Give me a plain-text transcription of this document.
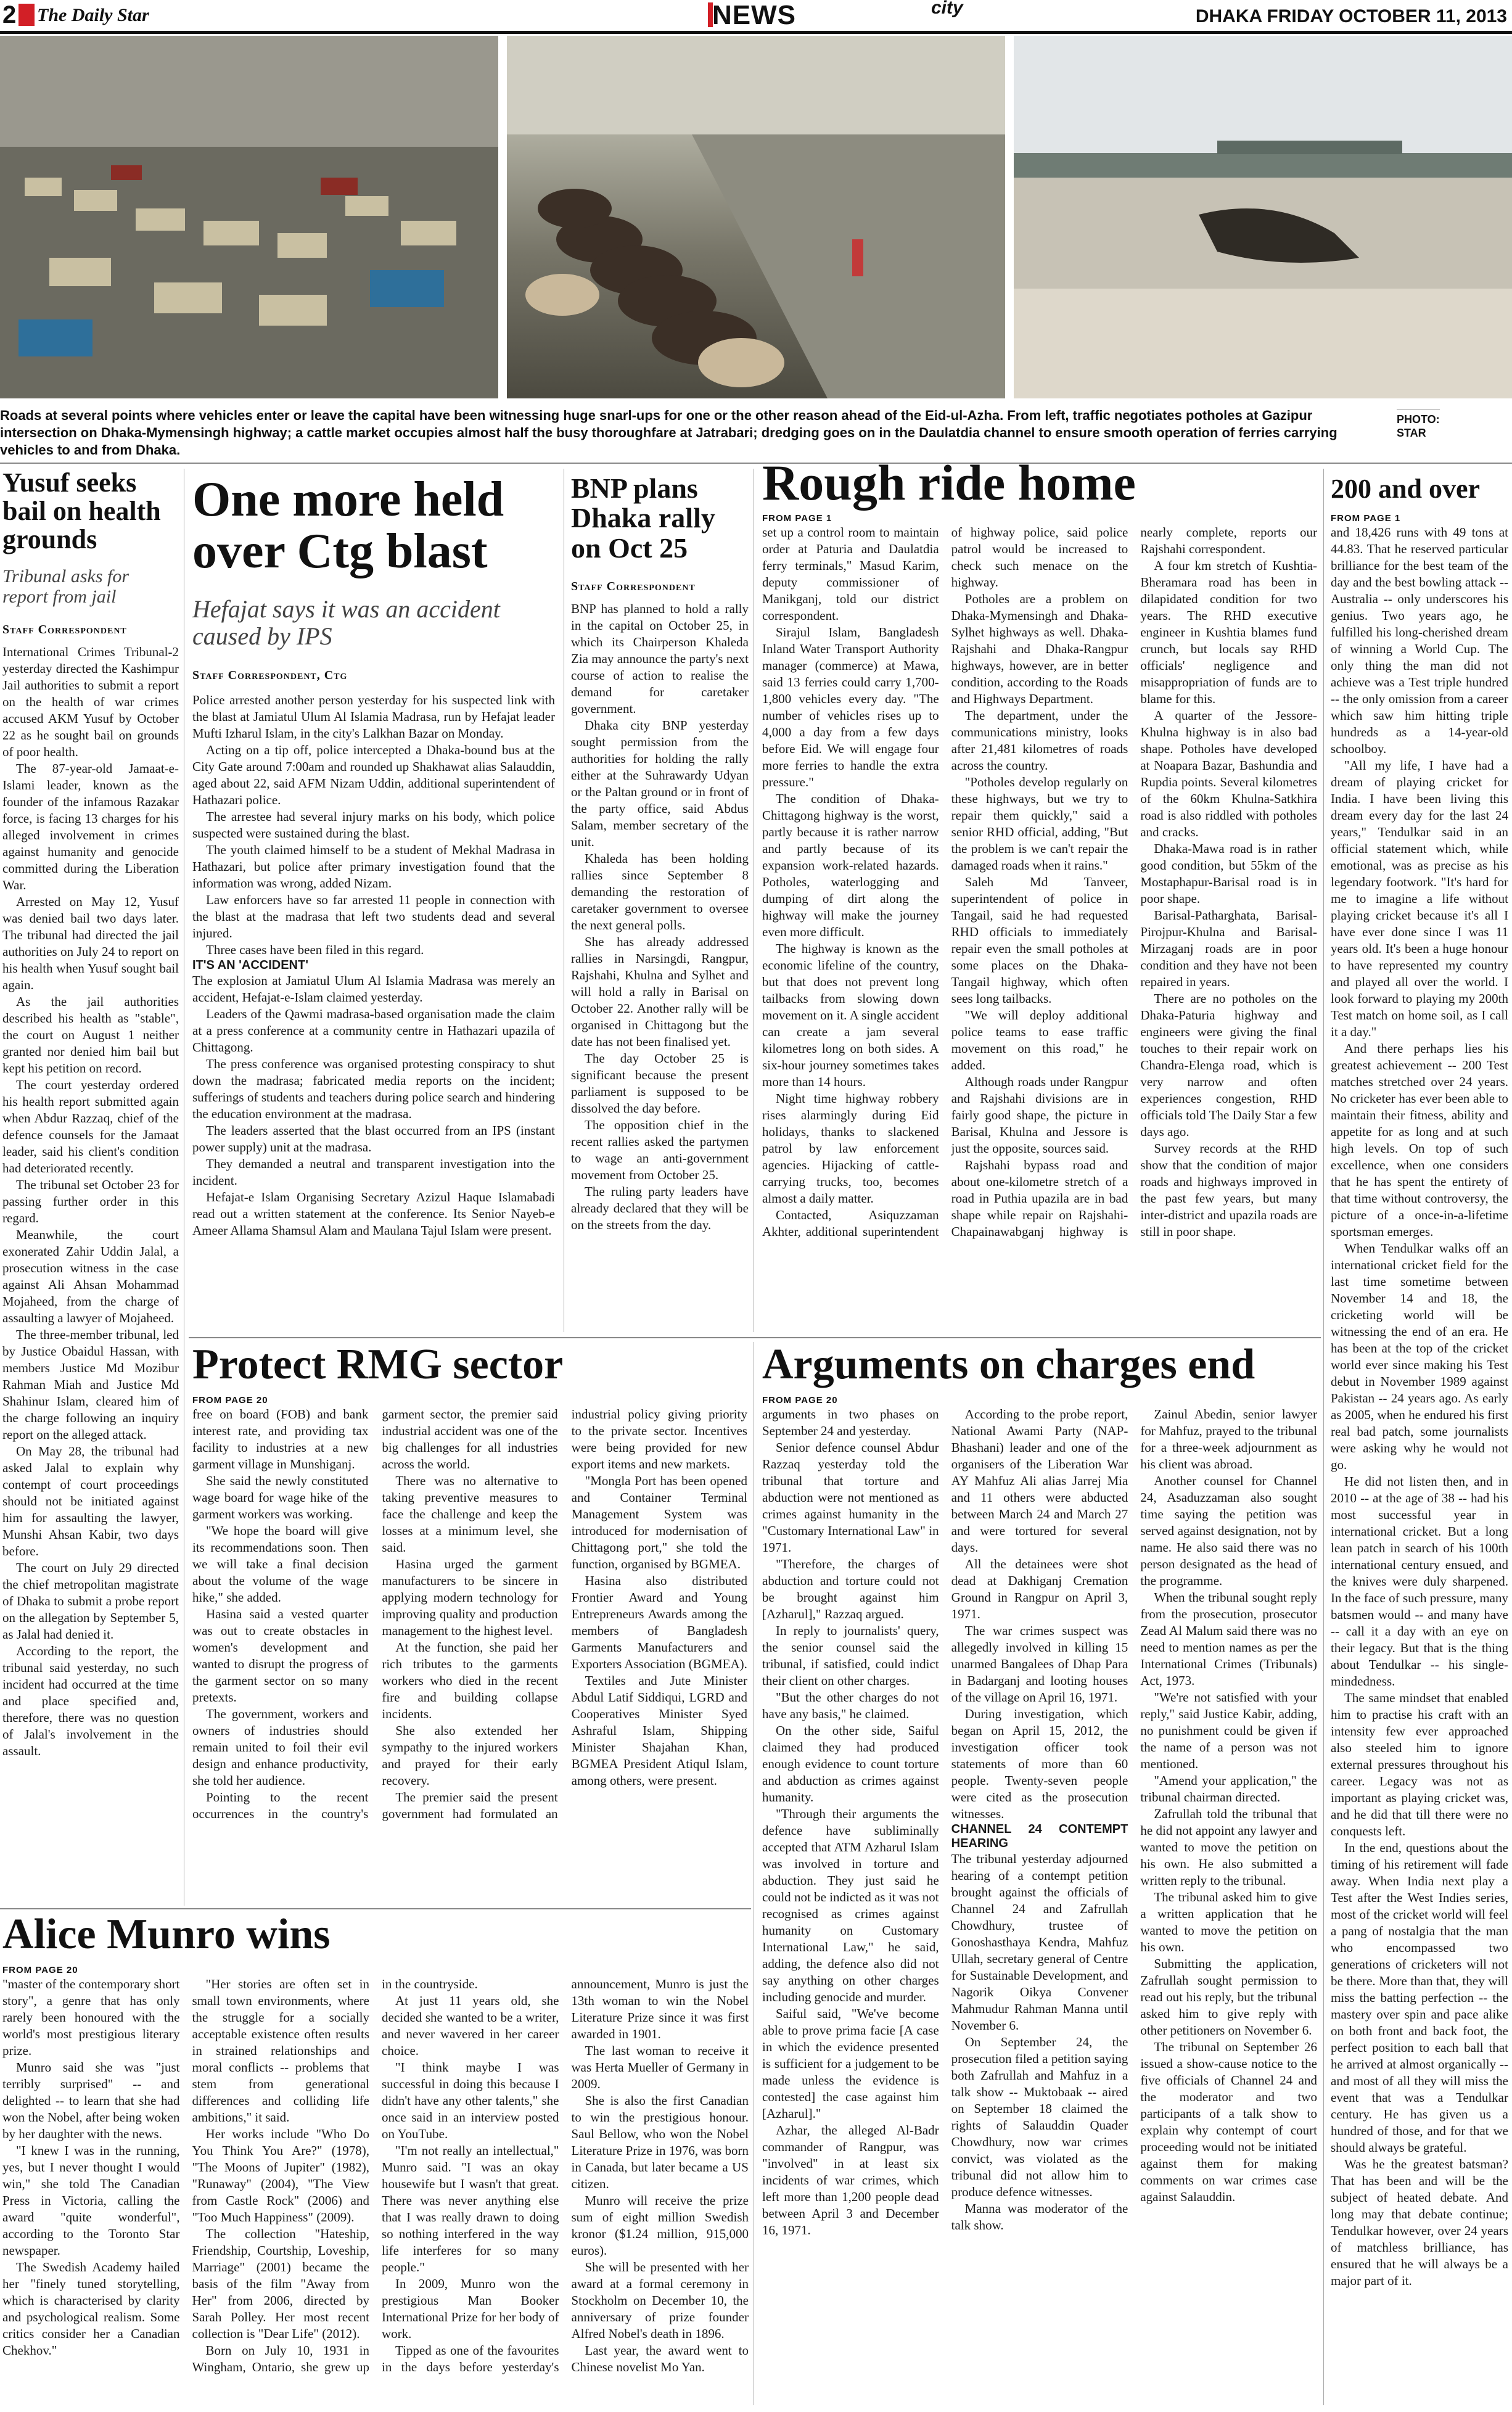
2 The Daily Star	NEWS	city	DHAKA FRIDAY OCTOBER 11, 2013
Roads at several points where vehicles enter or leave the capital have been witnessing huge snarl-ups for one or the other reason ahead of the Eid-ul-Azha. From left, traffic negotiates potholes at Gazipur intersection on Dhaka-Mymensingh highway; a cattle market occupies almost half the busy thoroughfare at Jatrabari; dredging goes on in the Daulatdia channel to ensure smooth operation of ferries carrying vehicles to and from Dhaka.
PHOTO:
STAR
Yusuf seeks bail on health grounds
Tribunal asks for report from jail
Staff Correspondent

International Crimes Tribunal-2 yesterday directed the Kashimpur Jail authorities to submit a report on the health of war crimes accused AKM Yusuf by October 22 as he sought bail on grounds of poor health.

The 87-year-old Jamaat-e-Islami leader, known as the founder of the infamous Razakar force, is facing 13 charges for his alleged involvement in crimes against humanity and genocide committed during the Liberation War.

Arrested on May 12, Yusuf was denied bail two days later. The tribunal had directed the jail authorities on July 24 to report on his health when Yusuf sought bail again.

As the jail authorities described his health as "stable", the court on August 1 neither granted nor denied him bail but kept his petition on record.

The court yesterday ordered his health report submitted again when Abdur Razzaq, chief of the defence counsels for the Jamaat leader, said his client's condition had deteriorated recently.

The tribunal set October 23 for passing further order in this regard.

Meanwhile, the court exonerated Zahir Uddin Jalal, a prosecution witness in the case against Ali Ahsan Mohammad Mojaheed, from the charge of assaulting a lawyer of Mojaheed.

The three-member tribunal, led by Justice Obaidul Hassan, with members Justice Md Mozibur Rahman Miah and Justice Md Shahinur Islam, cleared him of the charge following an inquiry report on the alleged attack.

On May 28, the tribunal had asked Jalal to explain why contempt of court proceedings should not be initiated against him for assaulting the lawyer, Munshi Ahsan Kabir, two days before.

The court on July 29 directed the chief metropolitan magistrate of Dhaka to submit a probe report on the allegation by September 5, as Jalal had denied it.

According to the report, the tribunal said yesterday, no such incident had occurred at the time and place specified and, therefore, there was no question of Jalal's involvement in the assault.

One more held over Ctg blast
Hefajat says it was an accident caused by IPS
Staff Correspondent, Ctg

Police arrested another person yesterday for his suspected link with the blast at Jamiatul Ulum Al Islamia Madrasa, run by Hefajat leader Mufti Izharul Islam, in the city's Lalkhan Bazar on Monday.

Acting on a tip off, police intercepted a Dhaka-bound bus at the City Gate around 7:00am and rounded up Shakhawat alias Salauddin, aged about 22, said AFM Nizam Uddin, additional superintendent of Hathazari police.

The arrestee had several injury marks on his body, which police suspected were sustained during the blast.

The youth claimed himself to be a student of Mekhal Madrasa in Hathazari, but police after primary investigation found that the information was wrong, added Nizam.

Law enforcers have so far arrested 11 people in connection with the blast at the madrasa that left two students dead and several injured.

Three cases have been filed in this regard.

IT'S AN 'ACCIDENT'

The explosion at Jamiatul Ulum Al Islamia Madrasa was merely an accident, Hefajat-e-Islam claimed yesterday.

Leaders of the Qawmi madrasa-based organisation made the claim at a press conference at a community centre in Hathazari upazila of Chittagong.

The press conference was organised protesting conspiracy to shut down the madrasa; fabricated media reports on the incident; sufferings of students and teachers during police search and hindering the education environment at the madrasa.

The leaders asserted that the blast occurred from an IPS (instant power supply) unit at the madrasa.

They demanded a neutral and transparent investigation into the incident.

Hefajat-e Islam Organising Secretary Azizul Haque Islamabadi read out a written statement at the conference. Its Senior Nayeb-e Ameer Allama Shamsul Alam and Maulana Tajul Islam were present.

BNP plans Dhaka rally on Oct 25
Staff Correspondent

BNP has planned to hold a rally in the capital on October 25, in which its Chairperson Khaleda Zia may announce the party's next course of action to realise the demand for caretaker government.

Dhaka city BNP yesterday sought permission from the authorities for holding the rally either at the Suhrawardy Udyan or the Paltan ground or in front of the party office, said Abdus Salam, member secretary of the unit.

Khaleda has been holding rallies since September 8 demanding the restoration of caretaker government to oversee the next general polls.

She has already addressed rallies in Narsingdi, Rangpur, Rajshahi, Khulna and Sylhet and will hold a rally in Barisal on October 22. Another rally will be organised in Chittagong but the date has not been finalised yet.

The day October 25 is significant because the present parliament is supposed to be dissolved the day before.

The opposition chief in the recent rallies asked the partymen to wage an anti-government movement from October 25.

The ruling party leaders have already declared that they will be on the streets from the day.

Rough ride home
FROM PAGE 1

set up a control room to maintain order at Paturia and Daulatdia ferry terminals," Masud Karim, deputy commissioner of Manikganj, told our district correspondent.

Sirajul Islam, Bangladesh Inland Water Transport Authority manager (commerce) at Mawa, said 13 ferries could carry 1,700-1,800 vehicles every day. "The number of vehicles rises up to 4,000 a day from a few days before Eid. We will engage four more ferries to handle the extra pressure."

The condition of Dhaka-Chittagong highway is the worst, partly because it is rather narrow and partly because of its expansion work-related hazards. Potholes, waterlogging and dumping of dirt along the highway will make the journey even more difficult.

The highway is known as the economic lifeline of the country, but that does not prevent long tailbacks from slowing down movement on it. A single accident can create a jam several kilometres long on both sides. A six-hour journey sometimes takes more than 14 hours.

Night time highway robbery rises alarmingly during Eid holidays, thanks to slackened patrol by law enforcement agencies. Hijacking of cattle-carrying trucks, too, becomes almost a daily matter.

Contacted, Asiquzzaman Akhter, additional superintendent of highway police, said police patrol would be increased to check such menace on the highway.

Potholes are a problem on Dhaka-Mymensingh and Dhaka-Sylhet highways as well. Dhaka-Rajshahi and Dhaka-Rangpur highways, however, are in better condition, according to the Roads and Highways Department.

The department, under the communications ministry, looks after 21,481 kilometres of roads across the country.

"Potholes develop regularly on these highways, but we try to repair them quickly," said a senior RHD official, adding, "But the problem is we can't repair the damaged roads when it rains."

Saleh Md Tanveer, superintendent of police in Tangail, said he had requested RHD officials to immediately repair even the small potholes at some places on the Dhaka-Tangail highway, which often sees long tailbacks.

"We will deploy additional police teams to ease traffic movement on this road," he added.

Although roads under Rangpur and Rajshahi divisions are in fairly good shape, the picture in Barisal, Khulna and Jessore is just the opposite, sources said.

Rajshahi bypass road and about one-kilometre stretch of a road in Puthia upazila are in bad shape while repair on Rajshahi-Chapainawabganj highway is nearly complete, reports our Rajshahi correspondent.

A four km stretch of Kushtia-Bheramara road has been in dilapidated condition for two years. The RHD executive engineer in Kushtia blames fund crunch, but locals say RHD officials' negligence and misappropriation of funds are to blame for this.

A quarter of the Jessore-Khulna highway is in also bad shape. Potholes have developed at Noapara Bazar, Bashundia and Rupdia points. Several kilometres of the 60km Khulna-Satkhira road is also riddled with potholes and cracks.

Dhaka-Mawa road is in rather good condition, but 55km of the Mostaphapur-Barisal road is in poor shape.

Barisal-Patharghata, Barisal-Pirojpur-Khulna and Barisal-Mirzaganj roads are in poor condition and they have not been repaired in years.

There are no potholes on the Dhaka-Paturia highway and engineers were giving the final touches to their repair work on Chandra-Elenga road, which is very narrow and often experiences congestion, RHD officials told The Daily Star a few days ago.

Survey records at the RHD show that the condition of major roads and highways improved in the past few years, but many inter-district and upazila roads are still in poor shape.

200 and over
FROM PAGE 1

and 18,426 runs with 49 tons at 44.83. That he reserved particular brilliance for the best team of the day and the best bowling attack -- Australia -- only underscores his genius. Two years ago, he fulfilled his long-cherished dream of winning a World Cup. The only thing the man did not achieve was a Test triple hundred -- the only omission from a career which saw him hitting triple hundreds as a 14-year-old schoolboy.

"All my life, I have had a dream of playing cricket for India. I have been living this dream every day for the last 24 years," Tendulkar said in an official statement which, while emotional, was as precise as his legendary footwork. "It's hard for me to imagine a life without playing cricket because it's all I have ever done since I was 11 years old. It's been a huge honour to have represented my country and played all over the world. I look forward to playing my 200th Test match on home soil, as I call it a day."

And there perhaps lies his greatest achievement -- 200 Test matches stretched over 24 years. No cricketer has ever been able to maintain their fitness, ability and appetite for as long and at such high levels. On top of such excellence, when one considers that he has spent the entirety of that time without controversy, the picture of a once-in-a-lifetime sportsman emerges.

When Tendulkar walks off an international cricket field for the last time sometime between November 14 and 18, the cricketing world will be witnessing the end of an era. He has been at the top of the cricket world ever since making his Test debut in November 1989 against Pakistan -- 24 years ago. As early as 2005, when he endured his first real bad patch, some journalists were asking why he would not go.

He did not listen then, and in 2010 -- at the age of 38 -- had his most successful year in international cricket. But a long lean patch in search of his 100th international century ensued, and the knives were duly sharpened. In the face of such pressure, many batsmen would -- and many have -- call it a day with an eye on their legacy. But that is the thing about Tendulkar -- his single-mindedness.

The same mindset that enabled him to practise his craft with an intensity few ever approached also steeled him to ignore external pressures throughout his career. Legacy was not as important as playing cricket was, and he did that till there were no conquests left.

In the end, questions about the timing of his retirement will fade away. When India next play a Test after the West Indies series, most of the cricket world will feel a pang of nostalgia that the man who encompassed two generations of cricketers will not be there. More than that, they will miss the batting perfection -- the mastery over spin and pace alike on both front and back foot, the perfect position to each ball that he arrived at almost organically -- and most of all they will miss the event that was a Tendulkar century. He has given us a hundred of those, and for that we should always be grateful.

Was he the greatest batsman? That has been and will be the subject of heated debate. And long may that debate continue; Tendulkar however, over 24 years of matchless brilliance, has ensured that he will always be a major part of it.

Protect RMG sector
FROM PAGE 20

free on board (FOB) and bank interest rate, and providing tax facility to industries at a new garment village in Munshiganj.

She said the newly constituted wage board for wage hike of the garment workers was working.

"We hope the board will give its recommendations soon. Then we will take a final decision about the volume of the wage hike," she added.

Hasina said a vested quarter was out to create obstacles in women's development and wanted to disrupt the progress of the garment sector on so many pretexts.

The government, workers and owners of industries should remain united to foil their evil design and enhance productivity, she told her audience.

Pointing to the recent occurrences in the country's garment sector, the premier said industrial accident was one of the big challenges for all industries across the world.

There was no alternative to taking preventive measures to face the challenge and keep the losses at a minimum level, she said.

Hasina urged the garment manufacturers to be sincere in applying modern technology for improving quality and production management to the highest level.

At the function, she paid her rich tributes to the garments workers who died in the recent fire and building collapse incidents.

She also extended her sympathy to the injured workers and prayed for their early recovery.

The premier said the present government had formulated an industrial policy giving priority to the private sector. Incentives were being provided for new export items and new markets.

"Mongla Port has been opened and Container Terminal Management System was introduced for modernisation of Chittagong port," she told the function, organised by BGMEA.

Hasina also distributed Frontier Award and Young Entrepreneurs Awards among the members of Bangladesh Garments Manufacturers and Exporters Association (BGMEA).

Textiles and Jute Minister Abdul Latif Siddiqui, LGRD and Cooperatives Minister Syed Ashraful Islam, Shipping Minister Shajahan Khan, BGMEA President Atiqul Islam, among others, were present.

Arguments on charges end
FROM PAGE 20

arguments in two phases on September 24 and yesterday.

Senior defence counsel Abdur Razzaq yesterday told the tribunal that torture and abduction were not mentioned as crimes against humanity in the "Customary International Law" in 1971.

"Therefore, the charges of abduction and torture could not be brought against him [Azharul]," Razzaq argued.

In reply to journalists' query, the senior counsel said the tribunal, if satisfied, could indict their client on other charges.

"But the other charges do not have any basis," he claimed.

On the other side, Saiful claimed they had produced enough evidence to count torture and abduction as crimes against humanity.

"Through their arguments the defence have subliminally accepted that ATM Azharul Islam was involved in torture and abduction. They just said he could not be indicted as it was not recognised as crimes against humanity on Customary International Law," he said, adding, the defence also did not say anything on other charges including genocide and murder.

Saiful said, "We've become able to prove prima facie [A case in which the evidence presented is sufficient for a judgement to be made unless the evidence is contested] the case against him [Azharul]."

Azhar, the alleged Al-Badr commander of Rangpur, was "involved" in at least six incidents of war crimes, which left more than 1,200 people dead between April 3 and December 16, 1971.

According to the probe report, National Awami Party (NAP-Bhashani) leader and one of the organisers of the Liberation War AY Mahfuz Ali alias Jarrej Mia and 11 others were abducted between March 24 and March 27 and were tortured for several days.

All the detainees were shot dead at Dakhiganj Cremation Ground in Rangpur on April 3, 1971.

The war crimes suspect was allegedly involved in killing 15 unarmed Bangalees of Dhap Para in Badarganj and looting houses of the village on April 16, 1971.

During investigation, which began on April 15, 2012, the investigation officer took statements of more than 60 people. Twenty-seven people were cited as the prosecution witnesses.

CHANNEL 24 CONTEMPT HEARING

The tribunal yesterday adjourned hearing of a contempt petition brought against the officials of Channel 24 and Zafrullah Chowdhury, trustee of Gonoshasthaya Kendra, Mahfuz Ullah, secretary general of Centre for Sustainable Development, and Nagorik Oikya Convener Mahmudur Rahman Manna until November 6.

On September 24, the prosecution filed a petition saying both Zafrullah and Mahfuz in a talk show -- Muktobaak -- aired on September 18 claimed the rights of Salauddin Quader Chowdhury, now war crimes convict, was violated as the tribunal did not allow him to produce defence witnesses.

Manna was moderator of the talk show.

Zainul Abedin, senior lawyer for Mahfuz, prayed to the tribunal for a three-week adjournment as his client was abroad.

Another counsel for Channel 24, Asaduzzaman also sought time saying the petition was served against designation, not by name. He also said there was no person designated as the head of the programme.

When the tribunal sought reply from the prosecution, prosecutor Zead Al Malum said there was no need to mention names as per the International Crimes (Tribunals) Act, 1973.

"We're not satisfied with your reply," said Justice Kabir, adding, no punishment could be given if the name of a person was not mentioned.

"Amend your application," the tribunal chairman directed.

Zafrullah told the tribunal that he did not appoint any lawyer and wanted to move the petition on his own. He also submitted a written reply to the tribunal.

The tribunal asked him to give a written application that he wanted to move the petition on his own.

Submitting the application, Zafrullah sought permission to read out his reply, but the tribunal asked him to give reply with other petitioners on November 6.

The tribunal on September 26 issued a show-cause notice to the five officials of Channel 24 and the moderator and two participants of a talk show to explain why contempt of court proceeding would not be initiated against them for making comments on war crimes case against Salauddin.

Alice Munro wins
FROM PAGE 20

"master of the contemporary short story", a genre that has only rarely been honoured with the world's most prestigious literary prize.

Munro said she was "just terribly surprised" -- and delighted -- to learn that she had won the Nobel, after being woken by her daughter with the news.

"I knew I was in the running, yes, but I never thought I would win," she told The Canadian Press in Victoria, calling the award "quite wonderful", according to the Toronto Star newspaper.

The Swedish Academy hailed her "finely tuned storytelling, which is characterised by clarity and psychological realism. Some critics consider her a Canadian Chekhov."

"Her stories are often set in small town environments, where the struggle for a socially acceptable existence often results in strained relationships and moral conflicts -- problems that stem from generational differences and colliding life ambitions," it said.

Her works include "Who Do You Think You Are?" (1978), "The Moons of Jupiter" (1982), "Runaway" (2004), "The View from Castle Rock" (2006) and "Too Much Happiness" (2009).

The collection "Hateship, Friendship, Courtship, Loveship, Marriage" (2001) became the basis of the film "Away from Her" from 2006, directed by Sarah Polley. Her most recent collection is "Dear Life" (2012).

Born on July 10, 1931 in Wingham, Ontario, she grew up in the countryside.

At just 11 years old, she decided she wanted to be a writer, and never wavered in her career choice.

"I think maybe I was successful in doing this because I didn't have any other talents," she once said in an interview posted on YouTube.

"I'm not really an intellectual," Munro said. "I was an okay housewife but I wasn't that great. There was never anything else that I was really drawn to doing so nothing interfered in the way life interferes for so many people."

In 2009, Munro won the prestigious Man Booker International Prize for her body of work.

Tipped as one of the favourites in the days before yesterday's announcement, Munro is just the 13th woman to win the Nobel Literature Prize since it was first awarded in 1901.

The last woman to receive it was Herta Mueller of Germany in 2009.

She is also the first Canadian to win the prestigious honour. Saul Bellow, who won the Nobel Literature Prize in 1976, was born in Canada, but later became a US citizen.

Munro will receive the prize sum of eight million Swedish kronor ($1.24 million, 915,000 euros).

She will be presented with her award at a formal ceremony in Stockholm on December 10, the anniversary of prize founder Alfred Nobel's death in 1896.

Last year, the award went to Chinese novelist Mo Yan.
